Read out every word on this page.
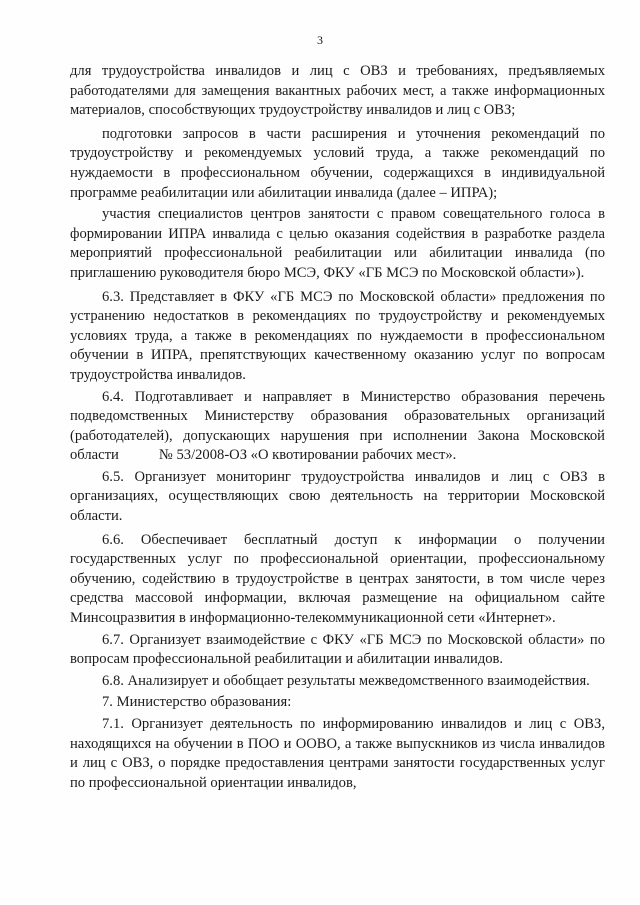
3

для трудоустройства инвалидов и лиц с ОВЗ и требованиях, предъявляемых работодателями для замещения вакантных рабочих мест, а также информационных материалов, способствующих трудоустройству инвалидов и лиц с ОВЗ;

подготовки запросов в части расширения и уточнения рекомендаций по трудоустройству и рекомендуемых условий труда, а также рекомендаций по нуждаемости в профессиональном обучении, содержащихся в индивидуальной программе реабилитации или абилитации инвалида (далее – ИПРА);

участия специалистов центров занятости с правом совещательного голоса в формировании ИПРА инвалида с целью оказания содействия в разработке раздела мероприятий профессиональной реабилитации или абилитации инвалида (по приглашению руководителя бюро МСЭ, ФКУ «ГБ МСЭ по Московской области»).

6.3. Представляет в ФКУ «ГБ МСЭ по Московской области» предложения по устранению недостатков в рекомендациях по трудоустройству и рекомендуемых условиях труда, а также в рекомендациях по нуждаемости в профессиональном обучении в ИПРА, препятствующих качественному оказанию услуг по вопросам трудоустройства инвалидов.

6.4. Подготавливает и направляет в Министерство образования перечень подведомственных Министерству образования образовательных организаций (работодателей), допускающих нарушения при исполнении Закона Московской области           № 53/2008-ОЗ «О квотировании рабочих мест».

6.5. Организует мониторинг трудоустройства инвалидов и лиц с ОВЗ в организациях, осуществляющих свою деятельность на территории Московской области.

6.6. Обеспечивает бесплатный доступ к информации о получении государственных услуг по профессиональной ориентации, профессиональному обучению, содействию в трудоустройстве в центрах занятости, в том числе через средства массовой информации, включая размещение на официальном сайте Минсоцразвития в информационно-телекоммуникационной сети «Интернет».

6.7. Организует взаимодействие с ФКУ «ГБ МСЭ по Московской области» по вопросам профессиональной реабилитации и абилитации инвалидов.

6.8. Анализирует и обобщает результаты межведомственного взаимодействия.

7. Министерство образования:

7.1. Организует деятельность по информированию инвалидов и лиц с ОВЗ, находящихся на обучении в ПОО и ООВО, а также выпускников из числа инвалидов и лиц с ОВЗ, о порядке предоставления центрами занятости государственных услуг по профессиональной ориентации инвалидов,
